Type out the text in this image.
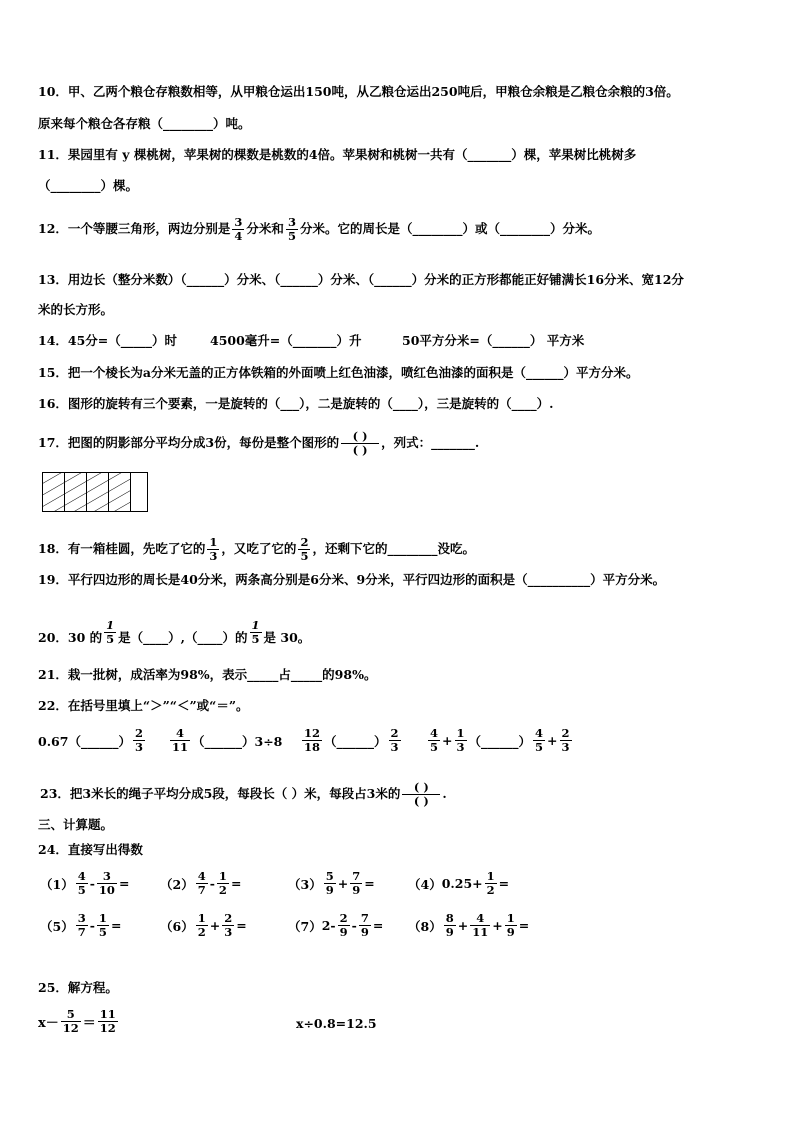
10．甲、乙两个粮仓存粮数相等，从甲粮仓运出150吨，从乙粮仓运出250吨后，甲粮仓余粮是乙粮仓余粮的3倍。
原来每个粮仓各存粮（________）吨。
11．果园里有 y 棵桃树，苹果树的棵数是桃数的4倍。苹果树和桃树一共有（_______）棵，苹果树比桃树多
（________）棵。
12．一个等腰三角形，两边分别是 $\frac{3}{4}$ 分米和 $\frac{3}{5}$ 分米。它的周长是（________）或（________）分米。
13．用边长（整分米数）（______）分米、（______）分米、（______）分米的正方形都能正好铺满长16分米、宽12分
米的长方形。
14．45分=（_____）时	4500毫升=（_______）升	50平方分米=（______） 平方米
15．把一个棱长为a分米无盖的正方体铁箱的外面喷上红色油漆，喷红色油漆的面积是（______）平方分米。
16．图形的旋转有三个要素，一是旋转的（___），二是旋转的（____），三是旋转的（____）.
17．把图的阴影部分平均分成3份，每份是整个图形的 $\frac{( )}{( )}$ ，列式：_______.
18．有一箱桂圆，先吃了它的 $\frac{1}{3}$ ，又吃了它的 $\frac{2}{5}$ ，还剩下它的________没吃。
19．平行四边形的周长是40分米，两条高分别是6分米、9分米，平行四边形的面积是（__________）平方分米。
20．30 的 $\frac{1}{5}$ 是（____）,（____）的 $\frac{1}{5}$ 是 30。
21．栽一批树，成活率为98%，表示_____占_____的98%。
22．在括号里填上“＞”“＜”或“＝”。
0.67（______） $\frac{2}{3} \frac{4}{11}$ （______）3÷8 $\frac{12}{18}$ （______） $\frac{2}{3} \frac{4}{5} + \frac{1}{3}$ （______） $\frac{4}{5} + \frac{2}{3}$
23．把3米长的绳子平均分成5段，每段长（ ）米，每段占3米的 $\frac{( )}{( )}$ .
三、计算题。
24．直接写出得数
$(1) \frac{4}{5} - \frac{3}{10} = (2) \frac{4}{7} - \frac{1}{2}$ =	$(3) \frac{5}{9} + \frac{7}{9}$ =	（4） $0.25+ \frac{1}{2}$ =
$(5) \frac{3}{7} - \frac{1}{5}$ =	$(6) \frac{1}{2} + \frac{2}{3}$ =	（7） $2- \frac{2}{9} - \frac{7}{9} = (8) \frac{8}{9} + \frac{4}{11} + \frac{1}{9}$ =
25．解方程。
$x- \frac{5}{12} = \frac{11}{12}$	x÷0.8=12.5
